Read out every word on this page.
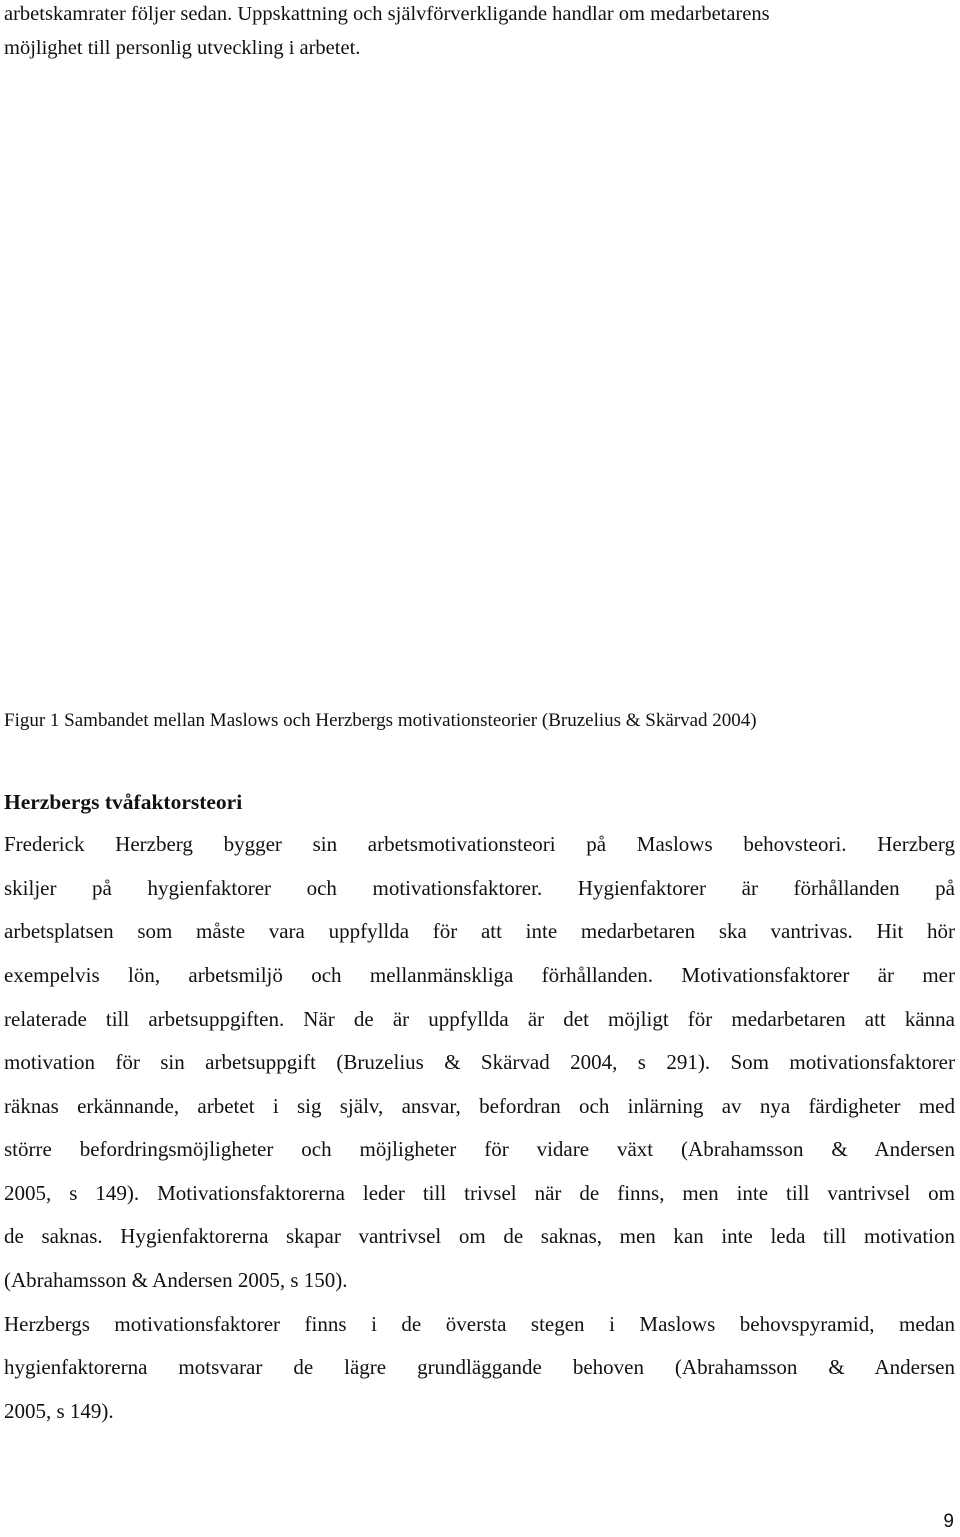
arbetskamrater följer sedan. Uppskattning och självförverkligande handlar om medarbetarens

möjlighet till personlig utveckling i arbetet.

Figur 1 Sambandet mellan Maslows och Herzbergs motivationsteorier (Bruzelius & Skärvad 2004)

Herzbergs tvåfaktorsteori

Frederick Herzberg bygger sin arbetsmotivationsteori på Maslows behovsteori. Herzberg

skiljer på hygienfaktorer och motivationsfaktorer. Hygienfaktorer är förhållanden på

arbetsplatsen som måste vara uppfyllda för att inte medarbetaren ska vantrivas. Hit hör

exempelvis lön, arbetsmiljö och mellanmänskliga förhållanden. Motivationsfaktorer är mer

relaterade till arbetsuppgiften. När de är uppfyllda är det möjligt för medarbetaren att känna

motivation för sin arbetsuppgift (Bruzelius & Skärvad 2004, s 291). Som motivationsfaktorer

räknas erkännande, arbetet i sig själv, ansvar, befordran och inlärning av nya färdigheter med

större befordringsmöjligheter och möjligheter för vidare växt (Abrahamsson & Andersen

2005, s 149). Motivationsfaktorerna leder till trivsel när de finns, men inte till vantrivsel om

de saknas. Hygienfaktorerna skapar vantrivsel om de saknas, men kan inte leda till motivation

(Abrahamsson & Andersen 2005, s 150).

Herzbergs motivationsfaktorer finns i de översta stegen i Maslows behovspyramid, medan

hygienfaktorerna motsvarar de lägre grundläggande behoven (Abrahamsson & Andersen

2005, s 149).

9
